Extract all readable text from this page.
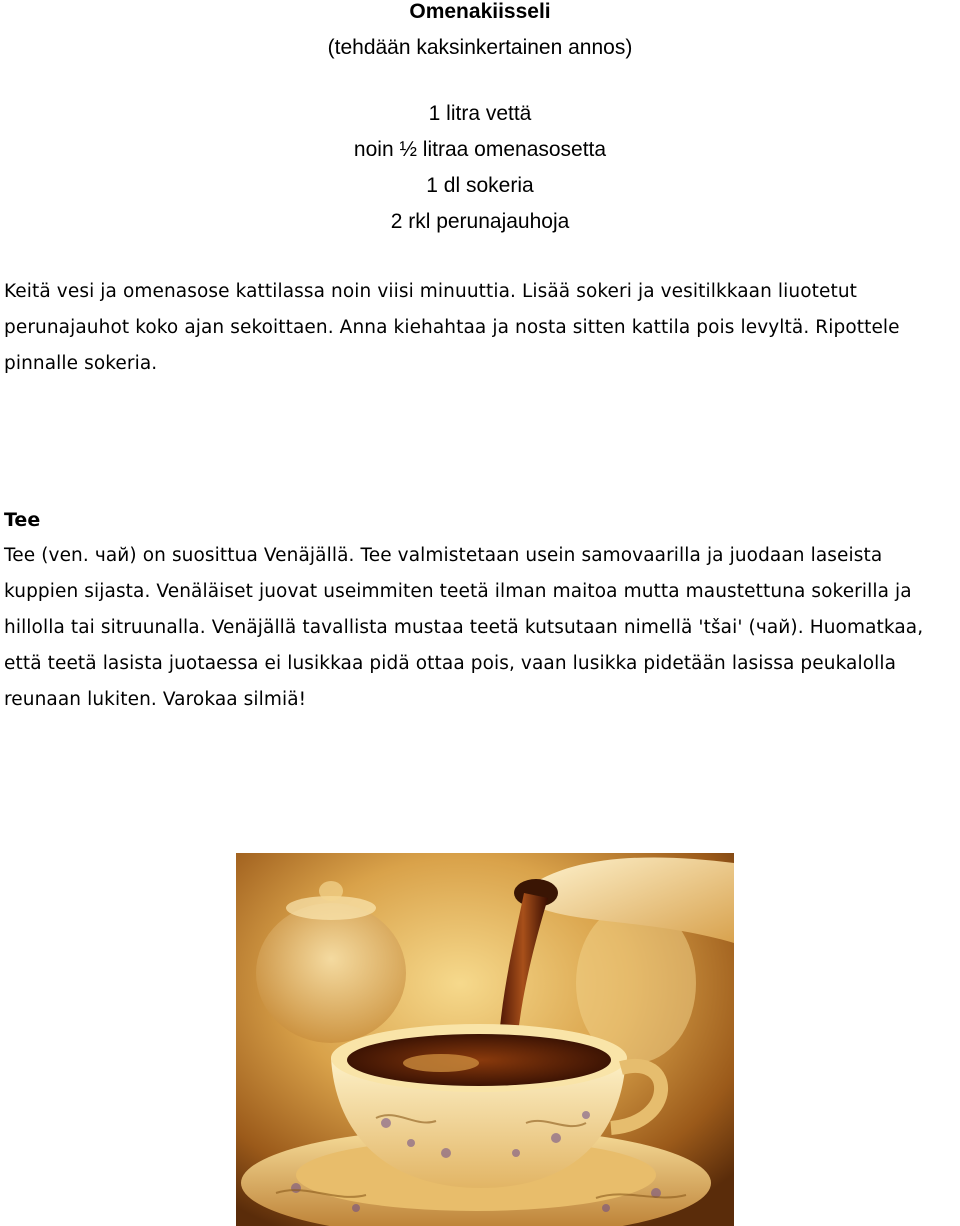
Omenakiisseli
(tehdään kaksinkertainen annos)
1 litra vettä
noin ½ litraa omenasosetta
1 dl sokeria
2 rkl perunajauhoja
Keitä vesi ja omenasose kattilassa noin viisi minuuttia. Lisää sokeri ja vesitilkkaan liuotetut perunajauhot koko ajan sekoittaen. Anna kiehahtaa ja nosta sitten kattila pois levyltä. Ripottele pinnalle sokeria.
Tee
Tee (ven. чай) on suosittua Venäjällä. Tee valmistetaan usein samovaarilla ja juodaan laseista kuppien sijasta. Venäläiset juovat useimmiten teetä ilman maitoa mutta maustettuna sokerilla ja hillolla tai sitruunalla. Venäjällä tavallista mustaa teetä kutsutaan nimellä 'tšai' (чай). Huomatkaa, että teetä lasista juotaessa ei lusikkaa pidä ottaa pois, vaan lusikka pidetään lasissa peukalolla reunaan lukiten. Varokaa silmiä!
